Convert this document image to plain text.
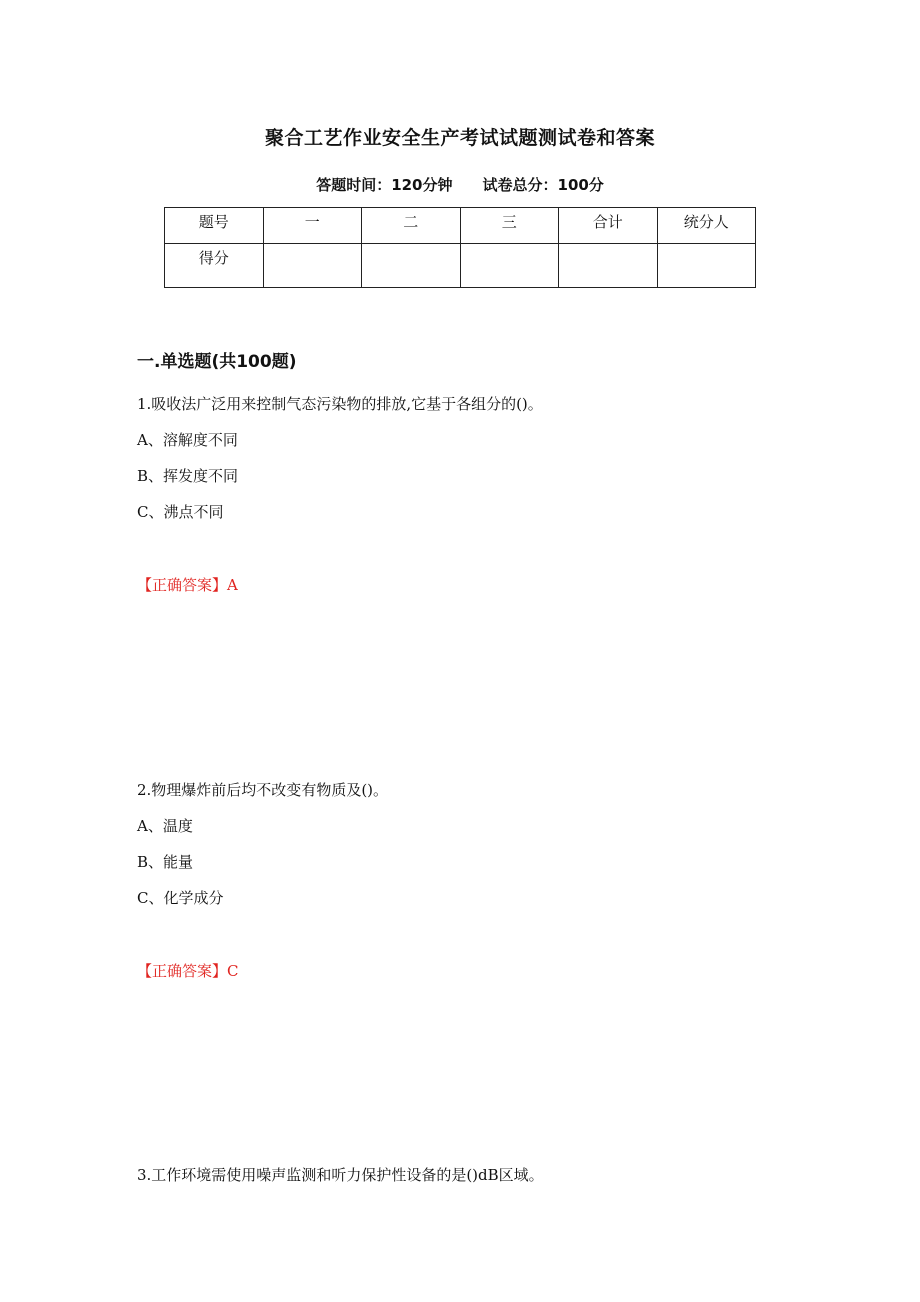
聚合工艺作业安全生产考试试题测试卷和答案
答题时间：120分钟 试卷总分：100分
题号	一	二	三	合计	统分人
得分					
一.单选题(共100题)
1.吸收法广泛用来控制气态污染物的排放,它基于各组分的()。
A、溶解度不同
B、挥发度不同
C、沸点不同
【正确答案】A
2.物理爆炸前后均不改变有物质及()。
A、温度
B、能量
C、化学成分
【正确答案】C
3.工作环境需使用噪声监测和听力保护性设备的是()dB区域。
